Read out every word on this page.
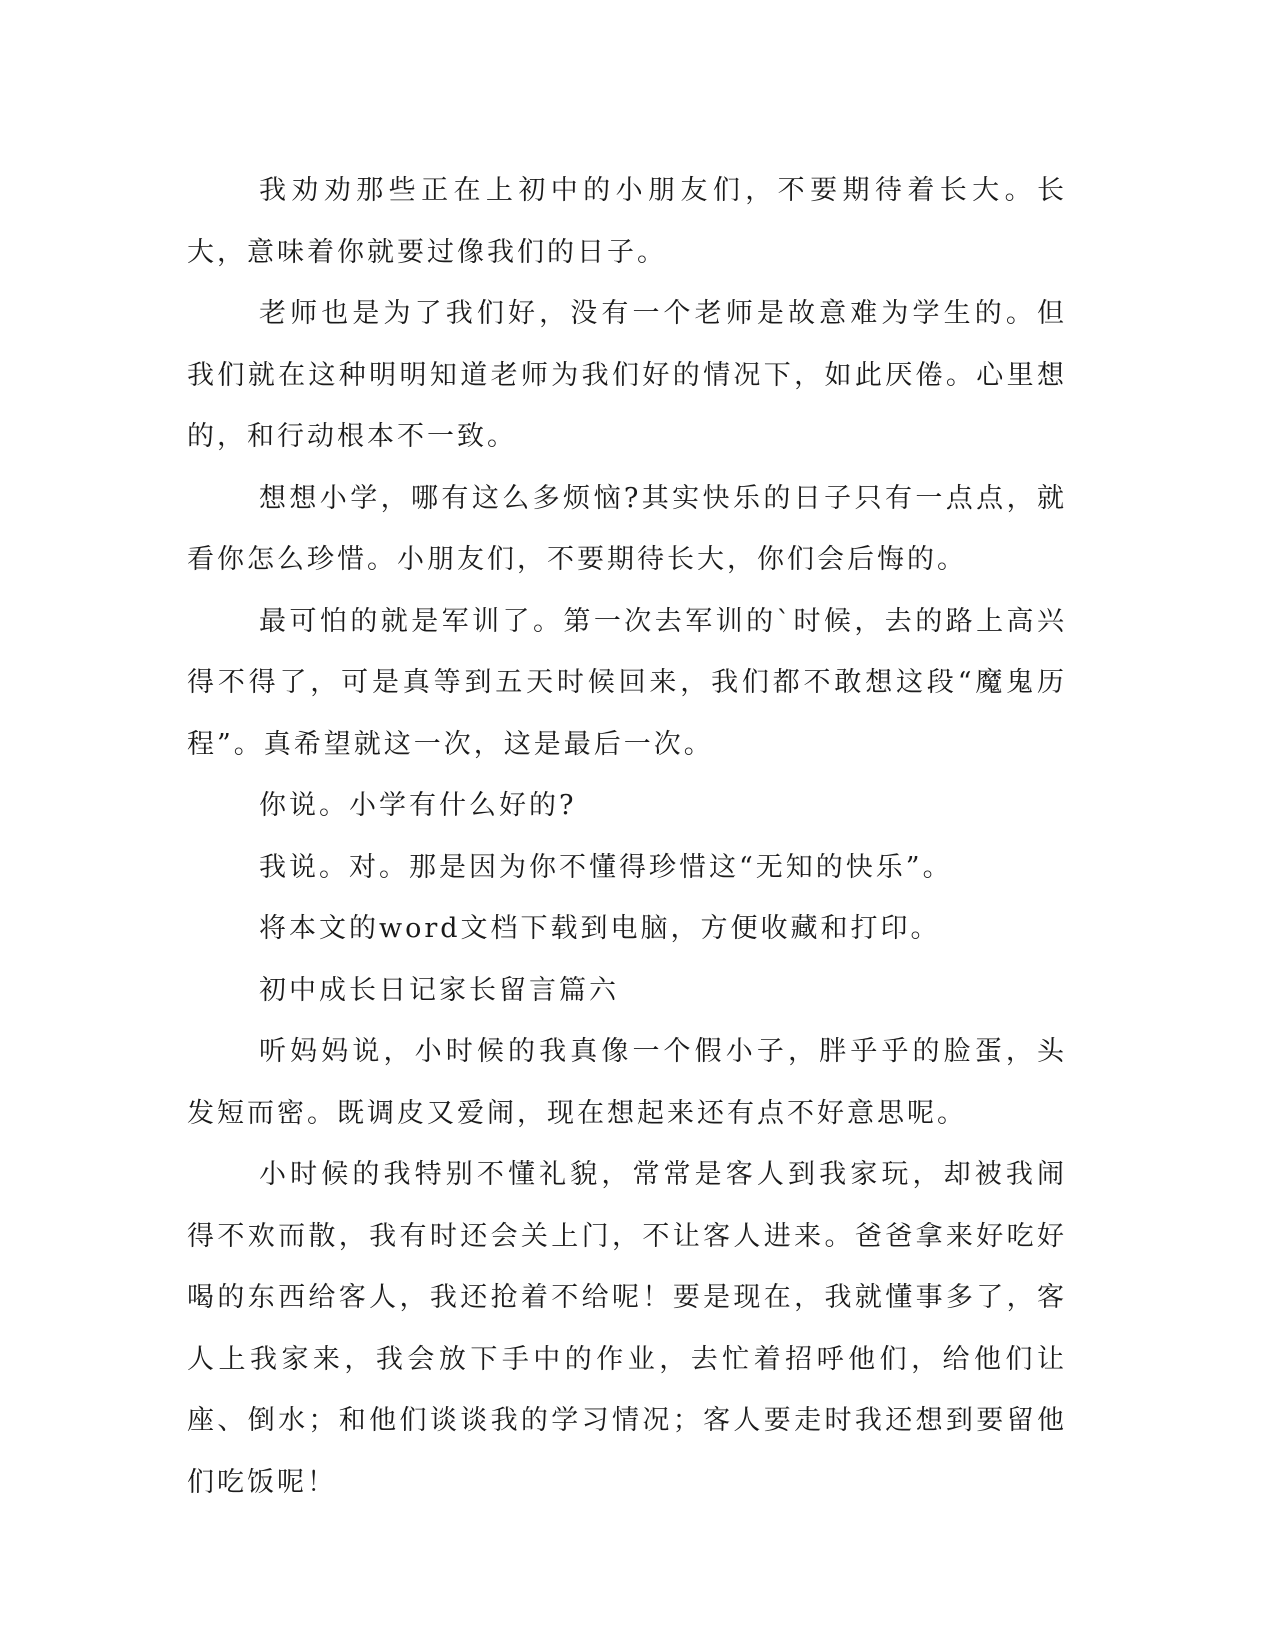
我劝劝那些正在上初中的小朋友们，不要期待着长大。长大，意味着你就要过像我们的日子。

老师也是为了我们好，没有一个老师是故意难为学生的。但我们就在这种明明知道老师为我们好的情况下，如此厌倦。心里想的，和行动根本不一致。

想想小学，哪有这么多烦恼?其实快乐的日子只有一点点，就看你怎么珍惜。小朋友们，不要期待长大，你们会后悔的。

最可怕的就是军训了。第一次去军训的`时候，去的路上高兴得不得了，可是真等到五天时候回来，我们都不敢想这段“魔鬼历程”。真希望就这一次，这是最后一次。

你说。小学有什么好的?

我说。对。那是因为你不懂得珍惜这“无知的快乐”。

将本文的word文档下载到电脑，方便收藏和打印。

初中成长日记家长留言篇六

听妈妈说，小时候的我真像一个假小子，胖乎乎的脸蛋，头发短而密。既调皮又爱闹，现在想起来还有点不好意思呢。

小时候的我特别不懂礼貌，常常是客人到我家玩，却被我闹得不欢而散，我有时还会关上门，不让客人进来。爸爸拿来好吃好喝的东西给客人，我还抢着不给呢！要是现在，我就懂事多了，客人上我家来，我会放下手中的作业，去忙着招呼他们，给他们让座、倒水；和他们谈谈我的学习情况；客人要走时我还想到要留他们吃饭呢！
